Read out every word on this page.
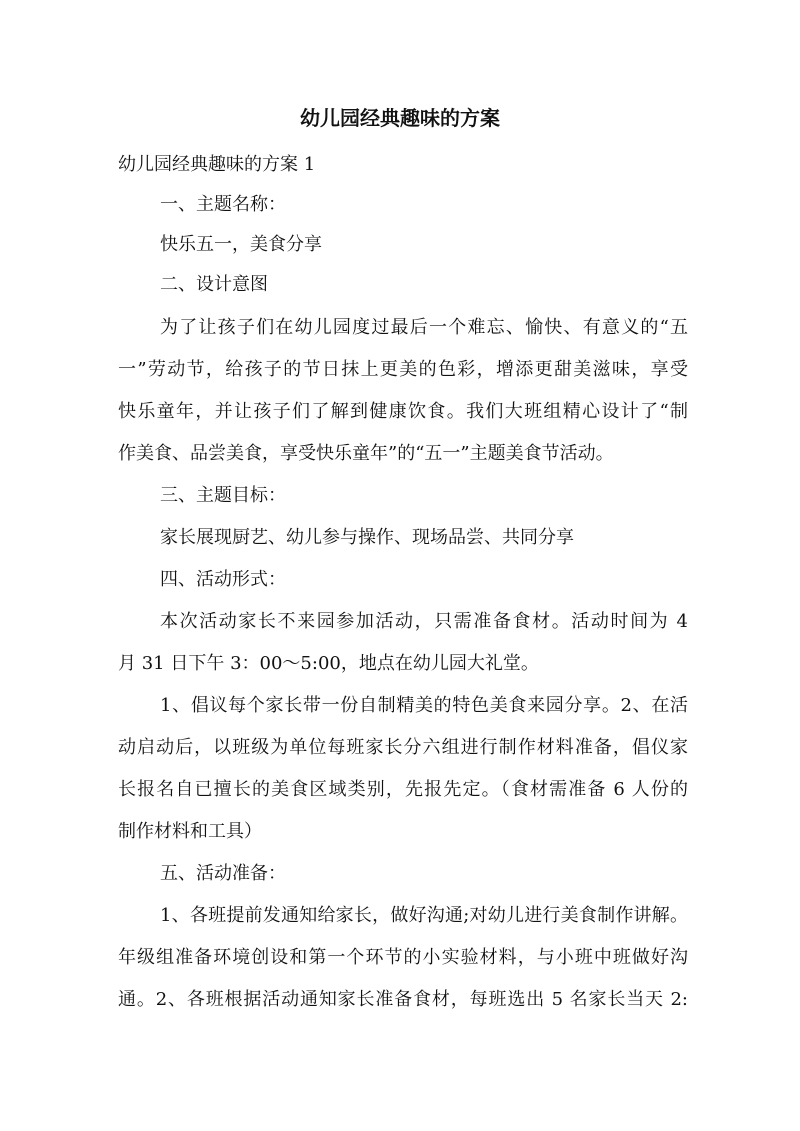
幼儿园经典趣味的方案
幼儿园经典趣味的方案 1
一、主题名称：
快乐五一，美食分享
二、设计意图
为了让孩子们在幼儿园度过最后一个难忘、愉快、有意义的“五
一”劳动节，给孩子的节日抹上更美的色彩，增添更甜美滋味，享受
快乐童年，并让孩子们了解到健康饮食。我们大班组精心设计了“制
作美食、品尝美食，享受快乐童年”的“五一”主题美食节活动。
三、主题目标：
家长展现厨艺、幼儿参与操作、现场品尝、共同分享
四、活动形式：
本次活动家长不来园参加活动，只需准备食材。活动时间为 4
月 31 日下午 3：00～5:00，地点在幼儿园大礼堂。
1、倡议每个家长带一份自制精美的特色美食来园分享。2、在活
动启动后，以班级为单位每班家长分六组进行制作材料准备，倡仪家
长报名自已擅长的美食区域类别，先报先定。（食材需准备 6 人份的
制作材料和工具）
五、活动准备：
1、各班提前发通知给家长，做好沟通;对幼儿进行美食制作讲解。
年级组准备环境创设和第一个环节的小实验材料，与小班中班做好沟
通。2、各班根据活动通知家长准备食材，每班选出 5 名家长当天 2:
